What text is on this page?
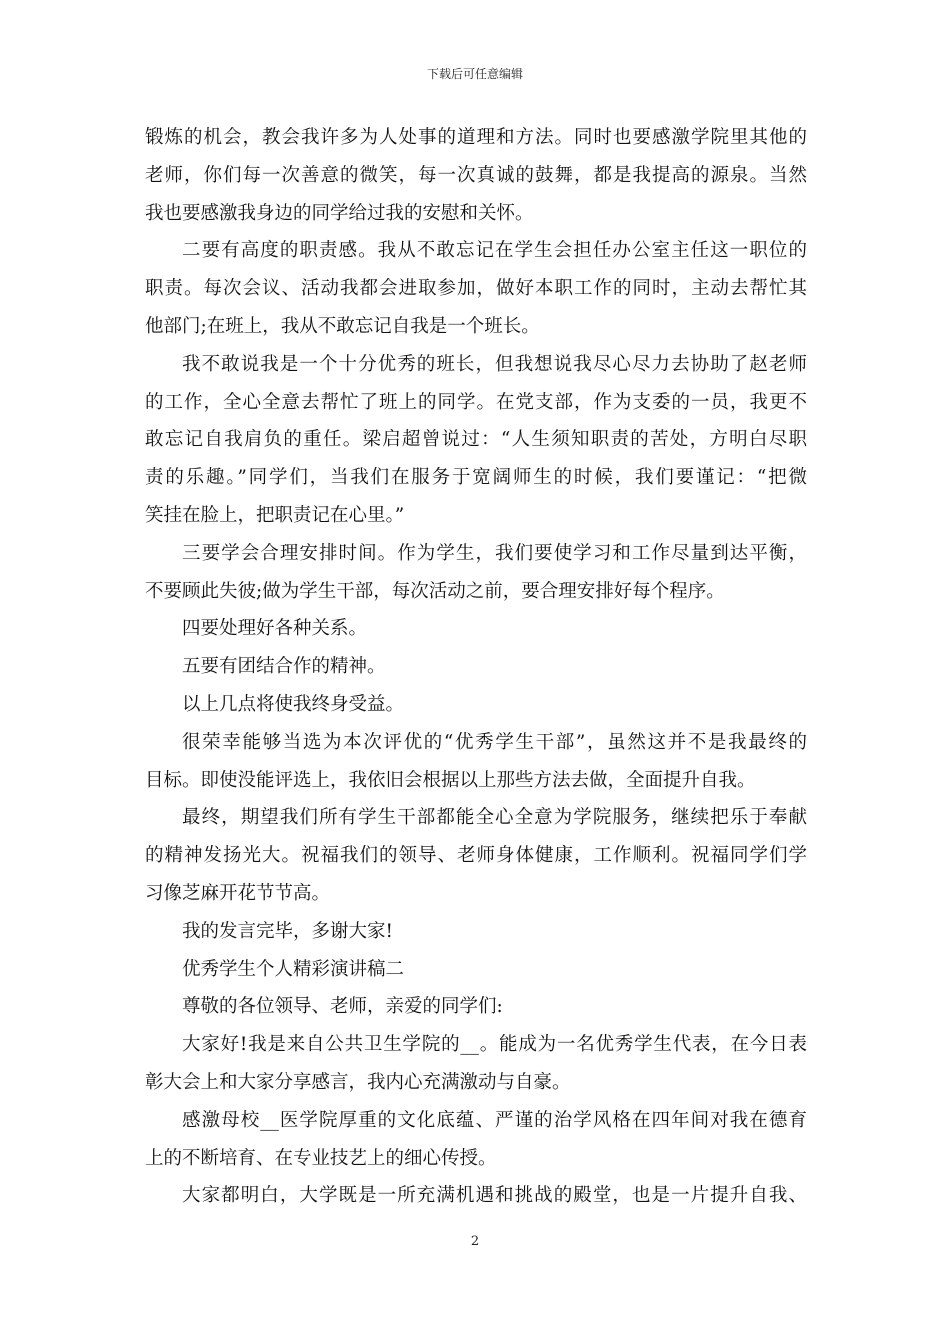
下载后可任意编辑
锻炼的机会，教会我许多为人处事的道理和方法。同时也要感激学院里其他的
老师，你们每一次善意的微笑，每一次真诚的鼓舞，都是我提高的源泉。当然
我也要感激我身边的同学给过我的安慰和关怀。
二要有高度的职责感。我从不敢忘记在学生会担任办公室主任这一职位的
职责。每次会议、活动我都会进取参加，做好本职工作的同时，主动去帮忙其
他部门;在班上，我从不敢忘记自我是一个班长。
我不敢说我是一个十分优秀的班长，但我想说我尽心尽力去协助了赵老师
的工作，全心全意去帮忙了班上的同学。在党支部，作为支委的一员，我更不
敢忘记自我肩负的重任。梁启超曾说过：“人生须知职责的苦处，方明白尽职
责的乐趣。”同学们，当我们在服务于宽阔师生的时候，我们要谨记：“把微
笑挂在脸上，把职责记在心里。”
三要学会合理安排时间。作为学生，我们要使学习和工作尽量到达平衡，
不要顾此失彼;做为学生干部，每次活动之前，要合理安排好每个程序。
四要处理好各种关系。
五要有团结合作的精神。
以上几点将使我终身受益。
很荣幸能够当选为本次评优的“优秀学生干部”，虽然这并不是我最终的
目标。即使没能评选上，我依旧会根据以上那些方法去做，全面提升自我。
最终，期望我们所有学生干部都能全心全意为学院服务，继续把乐于奉献
的精神发扬光大。祝福我们的领导、老师身体健康，工作顺利。祝福同学们学
习像芝麻开花节节高。
我的发言完毕，多谢大家!
优秀学生个人精彩演讲稿二
尊敬的各位领导、老师，亲爱的同学们:
大家好!我是来自公共卫生学院的__。能成为一名优秀学生代表，在今日表
彰大会上和大家分享感言，我内心充满激动与自豪。
感激母校__医学院厚重的文化底蕴、严谨的治学风格在四年间对我在德育
上的不断培育、在专业技艺上的细心传授。
大家都明白，大学既是一所充满机遇和挑战的殿堂，也是一片提升自我、
2
